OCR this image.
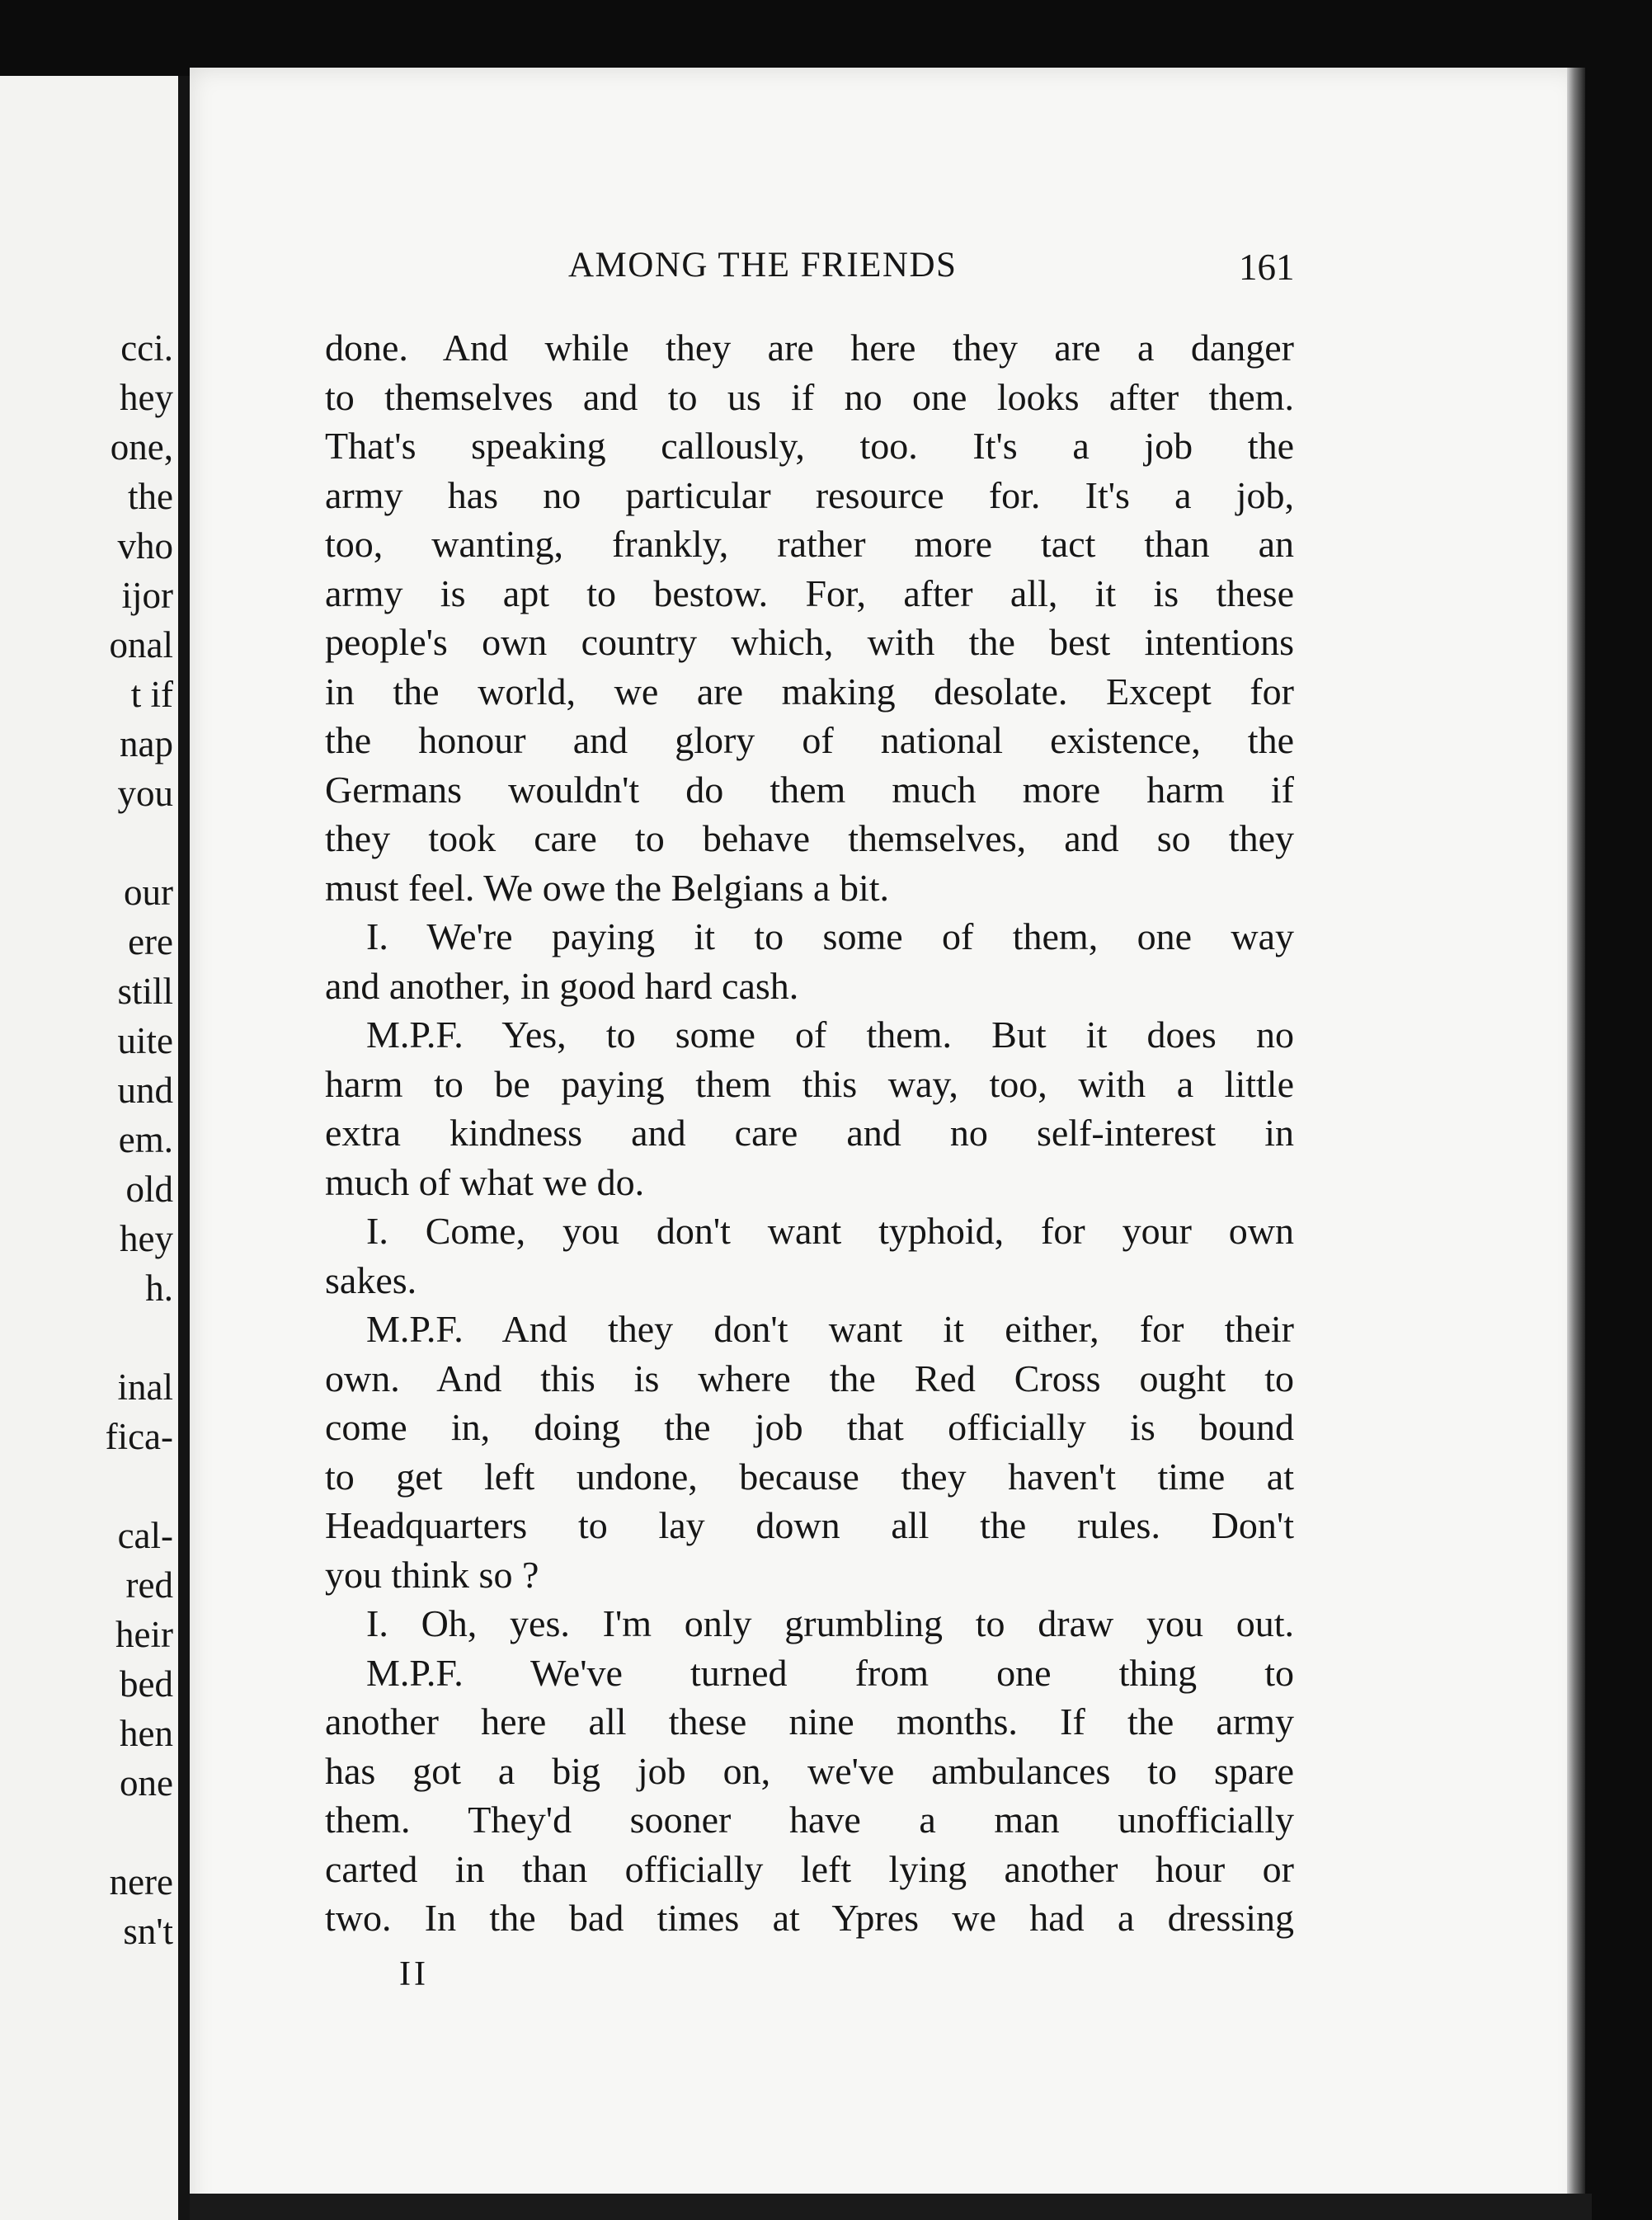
cci.
hey
one,
the
vho
ijor
onal
t if
nap
you
our
ere
still
uite
und
em.
old
hey
h.
inal
fica-
cal-
red
heir
bed
hen
one
nere
sn't
AMONG THE FRIENDS	161
done. And while they are here they are a danger
to themselves and to us if no one looks after them.
That's speaking callously, too. It's a job the
army has no particular resource for. It's a job,
too, wanting, frankly, rather more tact than an
army is apt to bestow. For, after all, it is these
people's own country which, with the best intentions
in the world, we are making desolate. Except for
the honour and glory of national existence, the
Germans wouldn't do them much more harm if
they took care to behave themselves, and so they
must feel. We owe the Belgians a bit.
I. We're paying it to some of them, one way
and another, in good hard cash.
M.P.F. Yes, to some of them. But it does no
harm to be paying them this way, too, with a little
extra kindness and care and no self-interest in
much of what we do.
I. Come, you don't want typhoid, for your own
sakes.
M.P.F. And they don't want it either, for their
own. And this is where the Red Cross ought to
come in, doing the job that officially is bound
to get left undone, because they haven't time at
Headquarters to lay down all the rules. Don't
you think so ?
I. Oh, yes. I'm only grumbling to draw you out.
M.P.F. We've turned from one thing to
another here all these nine months. If the army
has got a big job on, we've ambulances to spare
them. They'd sooner have a man unofficially
carted in than officially left lying another hour or
two. In the bad times at Ypres we had a dressing
II
